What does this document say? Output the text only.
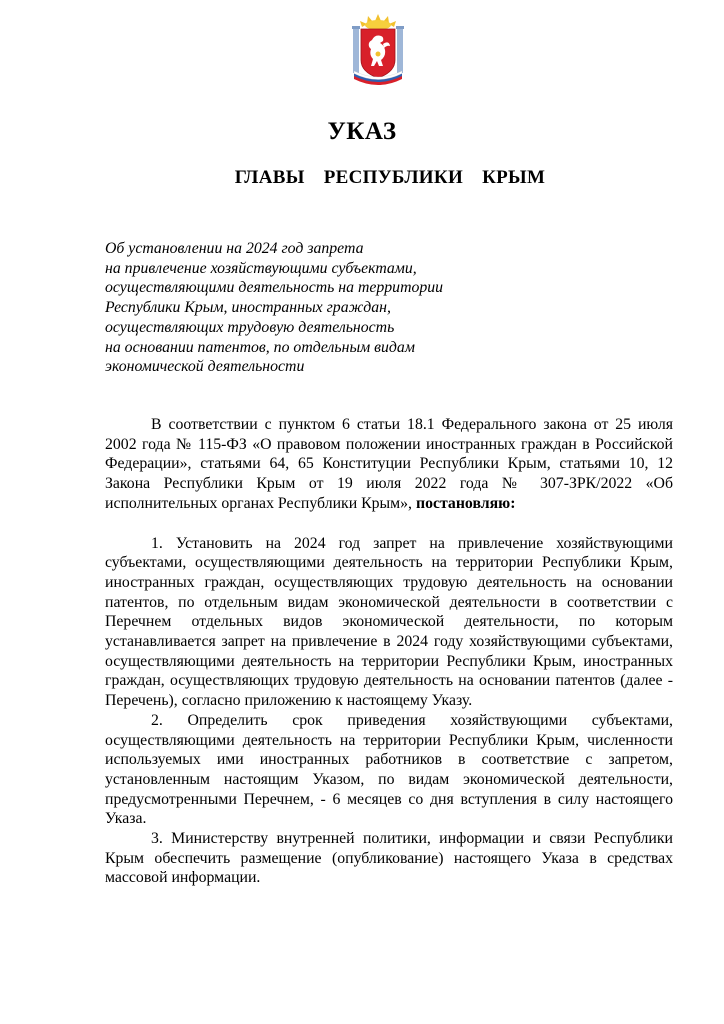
УКАЗ
ГЛАВЫ РЕСПУБЛИКИ КРЫМ
Об установлении на 2024 год запрета
на привлечение хозяйствующими субъектами,
осуществляющими деятельность на территории
Республики Крым, иностранных граждан,
осуществляющих трудовую деятельность
на основании патентов, по отдельным видам
экономической деятельности

В соответствии с пунктом 6 статьи 18.1 Федерального закона от 25 июля 2002 года № 115-ФЗ «О правовом положении иностранных граждан в Российской Федерации», статьями 64, 65 Конституции Республики Крым, статьями 10, 12 Закона Республики Крым от 19 июля 2022 года № 307-ЗРК/2022 «Об исполнительных органах Республики Крым», постановляю:

1. Установить на 2024 год запрет на привлечение хозяйствующими субъектами, осуществляющими деятельность на территории Республики Крым, иностранных граждан, осуществляющих трудовую деятельность на основании патентов, по отдельным видам экономической деятельности в соответствии с Перечнем отдельных видов экономической деятельности, по которым устанавливается запрет на привлечение в 2024 году хозяйствующими субъектами, осуществляющими деятельность на территории Республики Крым, иностранных граждан, осуществляющих трудовую деятельность на основании патентов (далее - Перечень), согласно приложению к настоящему Указу.

2. Определить срок приведения хозяйствующими субъектами, осуществляющими деятельность на территории Республики Крым, численности используемых ими иностранных работников в соответствие с запретом, установленным настоящим Указом, по видам экономической деятельности, предусмотренными Перечнем, - 6 месяцев со дня вступления в силу настоящего Указа.

3. Министерству внутренней политики, информации и связи Республики Крым обеспечить размещение (опубликование) настоящего Указа в средствах массовой информации.
